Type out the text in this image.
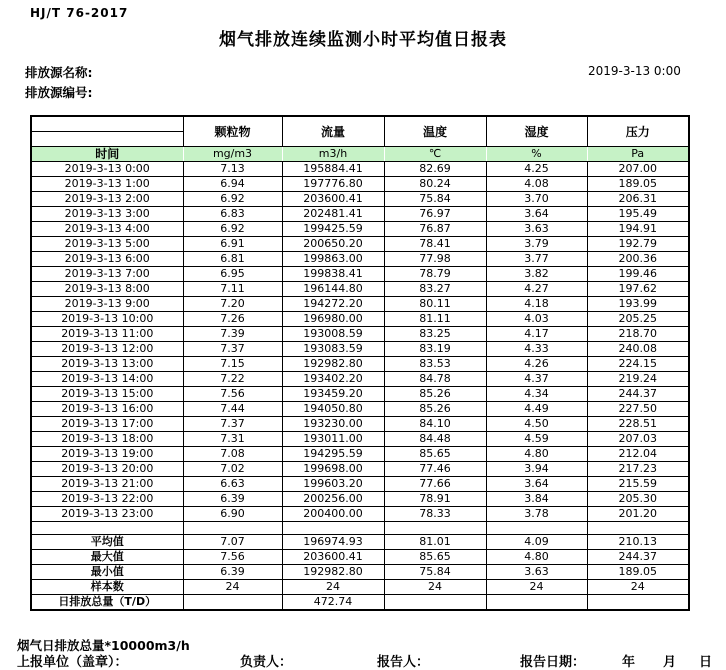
HJ/T 76-2017
烟气排放连续监测小时平均值日报表
排放源名称:
排放源编号:
2019-3-13 0:00
	颗粒物	流量	温度	湿度	压力

时间	mg/m3	m3/h	℃	%	Pa
2019-3-13 0:00	7.13	195884.41	82.69	4.25	207.00
2019-3-13 1:00	6.94	197776.80	80.24	4.08	189.05
2019-3-13 2:00	6.92	203600.41	75.84	3.70	206.31
2019-3-13 3:00	6.83	202481.41	76.97	3.64	195.49
2019-3-13 4:00	6.92	199425.59	76.87	3.63	194.91
2019-3-13 5:00	6.91	200650.20	78.41	3.79	192.79
2019-3-13 6:00	6.81	199863.00	77.98	3.77	200.36
2019-3-13 7:00	6.95	199838.41	78.79	3.82	199.46
2019-3-13 8:00	7.11	196144.80	83.27	4.27	197.62
2019-3-13 9:00	7.20	194272.20	80.11	4.18	193.99
2019-3-13 10:00	7.26	196980.00	81.11	4.03	205.25
2019-3-13 11:00	7.39	193008.59	83.25	4.17	218.70
2019-3-13 12:00	7.37	193083.59	83.19	4.33	240.08
2019-3-13 13:00	7.15	192982.80	83.53	4.26	224.15
2019-3-13 14:00	7.22	193402.20	84.78	4.37	219.24
2019-3-13 15:00	7.56	193459.20	85.26	4.34	244.37
2019-3-13 16:00	7.44	194050.80	85.26	4.49	227.50
2019-3-13 17:00	7.37	193230.00	84.10	4.50	228.51
2019-3-13 18:00	7.31	193011.00	84.48	4.59	207.03
2019-3-13 19:00	7.08	194295.59	85.65	4.80	212.04
2019-3-13 20:00	7.02	199698.00	77.46	3.94	217.23
2019-3-13 21:00	6.63	199603.20	77.66	3.64	215.59
2019-3-13 22:00	6.39	200256.00	78.91	3.84	205.30
2019-3-13 23:00	6.90	200400.00	78.33	3.78	201.20

平均值	7.07	196974.93	81.01	4.09	210.13
最大值	7.56	203600.41	85.65	4.80	244.37
最小值	6.39	192982.80	75.84	3.63	189.05
样本数	24	24	24	24	24
日排放总量（T/D）		472.74			
烟气日排放总量*10000m3/h
上报单位（盖章）：	负责人：	报告人：	报告日期：	年 月 日
